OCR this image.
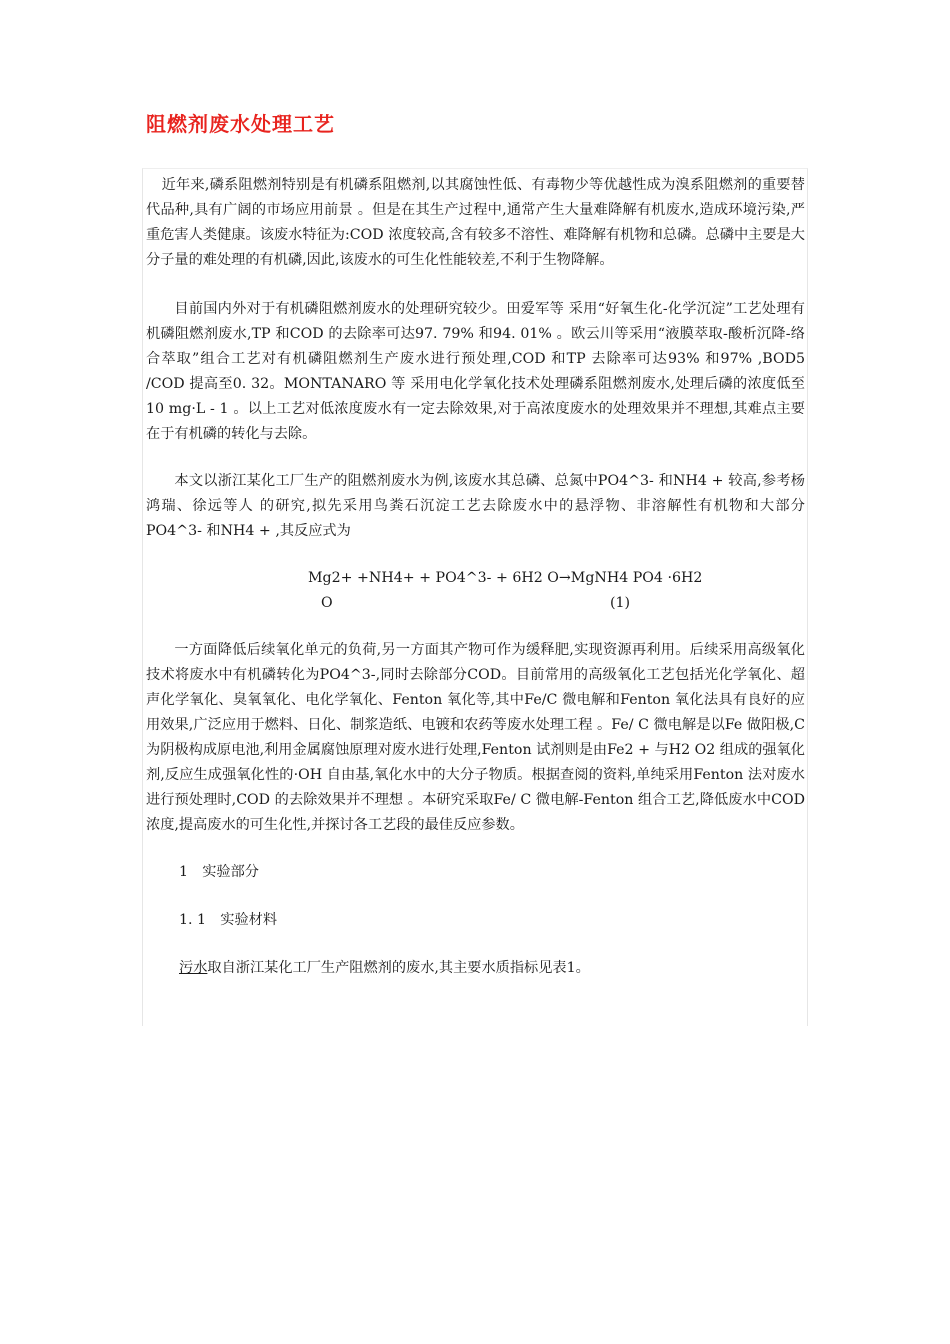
阻燃剂废水处理工艺

近年来,磷系阻燃剂特别是有机磷系阻燃剂,以其腐蚀性低、有毒物少等优越性成为溴系阻燃剂的重要替代品种,具有广阔的市场应用前景 。但是在其生产过程中,通常产生大量难降解有机废水,造成环境污染,严重危害人类健康。该废水特征为:COD 浓度较高,含有较多不溶性、难降解有机物和总磷。总磷中主要是大分子量的难处理的有机磷,因此,该废水的可生化性能较差,不利于生物降解。

目前国内外对于有机磷阻燃剂废水的处理研究较少。田爱军等 采用“好氧生化-化学沉淀”工艺处理有机磷阻燃剂废水,TP 和COD 的去除率可达97. 79% 和94. 01% 。欧云川等采用“液膜萃取-酸析沉降-络合萃取”组合工艺对有机磷阻燃剂生产废水进行预处理,COD 和TP 去除率可达93% 和97% ,BOD5 /COD 提高至0. 32。MONTANARO 等 采用电化学氧化技术处理磷系阻燃剂废水,处理后磷的浓度低至10 mg·L - 1 。以上工艺对低浓度废水有一定去除效果,对于高浓度废水的处理效果并不理想,其难点主要在于有机磷的转化与去除。

本文以浙江某化工厂生产的阻燃剂废水为例,该废水其总磷、总氮中PO4^3- 和NH4 + 较高,参考杨鸿瑞、徐远等人 的研究,拟先采用鸟粪石沉淀工艺去除废水中的悬浮物、非溶解性有机物和大部分PO4^3- 和NH4 + ,其反应式为

Mg2+ +NH4+ + PO4^3- + 6H2 O→MgNH4 PO4 ·6H2
O	(1)

一方面降低后续氧化单元的负荷,另一方面其产物可作为缓释肥,实现资源再利用。后续采用高级氧化技术将废水中有机磷转化为PO4^3-,同时去除部分COD。目前常用的高级氧化工艺包括光化学氧化、超声化学氧化、臭氧氧化、电化学氧化、Fenton 氧化等,其中Fe/C 微电解和Fenton 氧化法具有良好的应用效果,广泛应用于燃料、日化、制浆造纸、电镀和农药等废水处理工程 。Fe/ C 微电解是以Fe 做阳极,C 为阴极构成原电池,利用金属腐蚀原理对废水进行处理,Fenton 试剂则是由Fe2 + 与H2 O2 组成的强氧化剂,反应生成强氧化性的·OH 自由基,氧化水中的大分子物质。根据查阅的资料,单纯采用Fenton 法对废水进行预处理时,COD 的去除效果并不理想 。本研究采取Fe/ C 微电解-Fenton 组合工艺,降低废水中COD浓度,提高废水的可生化性,并探讨各工艺段的最佳反应参数。

1　实验部分
1. 1　实验材料
污水取自浙江某化工厂生产阻燃剂的废水,其主要水质指标见表1。
